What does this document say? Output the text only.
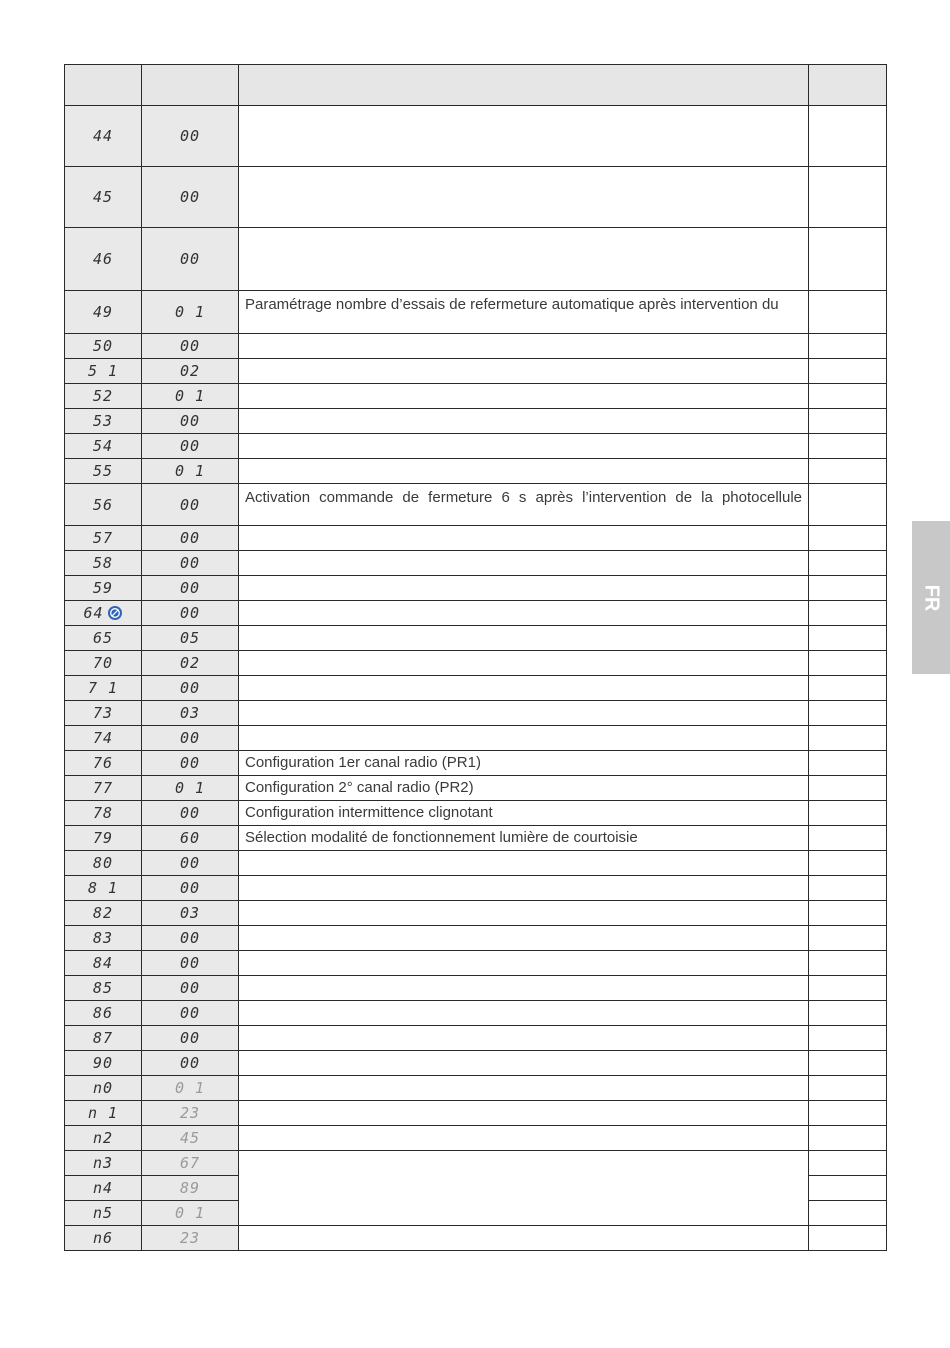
44	00		
45	00		
46	00		
49	0 1	Paramétrage nombre d’essais de refermeture automatique après intervention du	
50	00		
5 1	02		
52	0 1		
53	00		
54	00		
55	0 1		
56	00	Activation commande de fermeture 6 s après l’intervention de la photocellule	
57	00		
58	00		
59	00		
64	00		
65	05		
70	02		
7 1	00		
73	03		
74	00		
76	00	Configuration 1er canal radio (PR1)	
77	0 1	Configuration 2° canal radio (PR2)	
78	00	Configuration intermittence clignotant	
79	60	Sélection modalité de fonctionnement lumière de courtoisie	
80	00		
8 1	00		
82	03		
83	00		
84	00		
85	00		
86	00		
87	00		
90	00		
n0	0 1		
n 1	23		
n2	45		
n3	67		
n4	89		
n5	0 1		
n6	23		
FR
